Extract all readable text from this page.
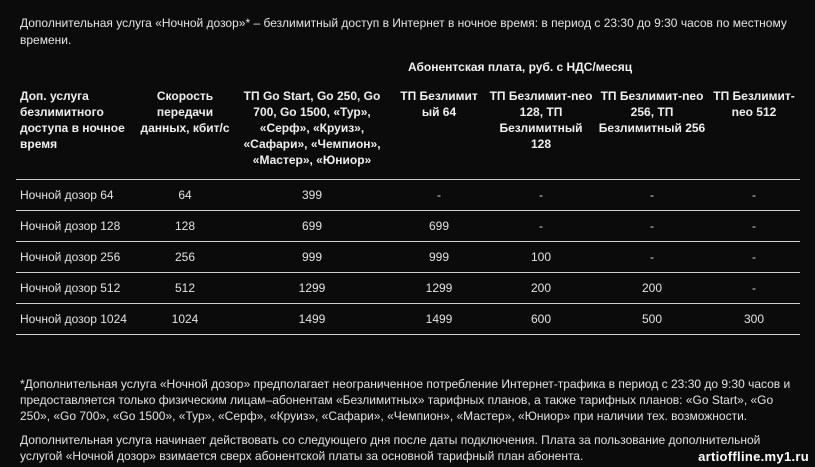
Дополнительная услуга «Ночной дозор»* – безлимитный доступ в Интернет в ночное время: в период с 23:30 до 9:30 часов по местному времени.
Абонентская плата, руб. с НДС/месяц
Доп. услуга безлимитного доступа в ночное время	Скорость передачи данных, кбит/с	ТП Go Start, Go 250, Go 700, Go 1500, «Тур», «Серф», «Круиз», «Сафари», «Чемпион», «Мастер», «Юниор»	ТП Безлимит ый 64	ТП Безлимит-neo 128, ТП Безлимитный 128	ТП Безлимит-neo 256, ТП Безлимитный 256	ТП Безлимит-neo 512
Ночной дозор 64	64	399	-	-	-	-
Ночной дозор 128	128	699	699	-	-	-
Ночной дозор 256	256	999	999	100	-	-
Ночной дозор 512	512	1299	1299	200	200	-
Ночной дозор 1024	1024	1499	1499	600	500	300
*Дополнительная услуга «Ночной дозор» предполагает неограниченное потребление Интернет-трафика в период с 23:30 до 9:30 часов и предоставляется только физическим лицам–абонентам «Безлимитных» тарифных планов, а также тарифных планов: «Go Start», «Go 250», «Go 700», «Go 1500», «Тур», «Серф», «Круиз», «Сафари», «Чемпион», «Мастер», «Юниор» при наличии тех. возможности.
Дополнительная услуга начинает действовать со следующего дня после даты подключения. Плата за пользование дополнительной услугой «Ночной дозор» взимается сверх абонентской платы за основной тарифный план абонента.	artioffline.my1.ru
